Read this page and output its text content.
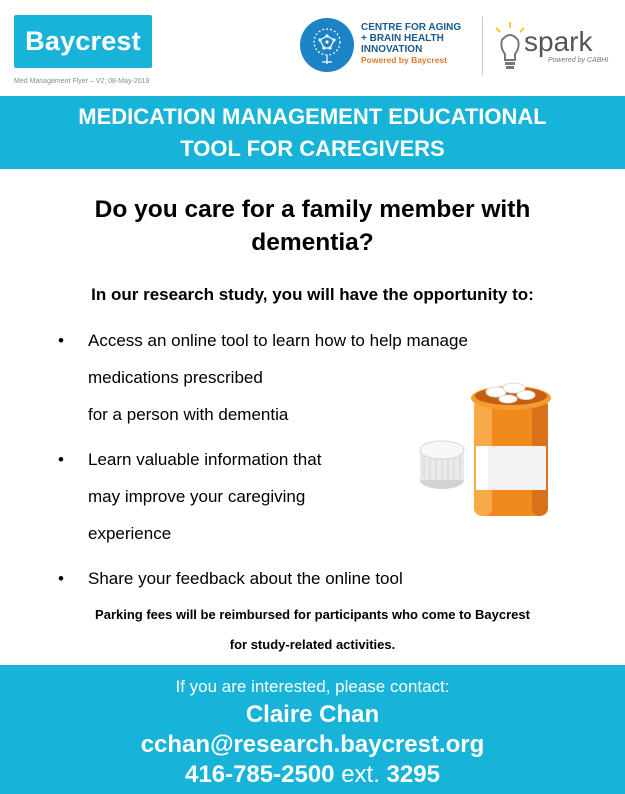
Baycrest
Med Management Flyer – V2; 08-May-2019
CENTRE FOR AGING
+ BRAIN HEALTH
INNOVATION
Powered by Baycrest
spark
Powered by CABHI
MEDICATION MANAGEMENT EDUCATIONAL
TOOL FOR CAREGIVERS
Do you care for a family member with
dementia?
In our research study, you will have the opportunity to:
• Access an online tool to learn how to help manage
medications prescribed
for a person with dementia
• Learn valuable information that
may improve your caregiving
experience
• Share your feedback about the online tool
Parking fees will be reimbursed for participants who come to Baycrest
for study-related activities.
If you are interested, please contact:
Claire Chan
cchan@research.baycrest.org
416-785-2500 ext. 3295
